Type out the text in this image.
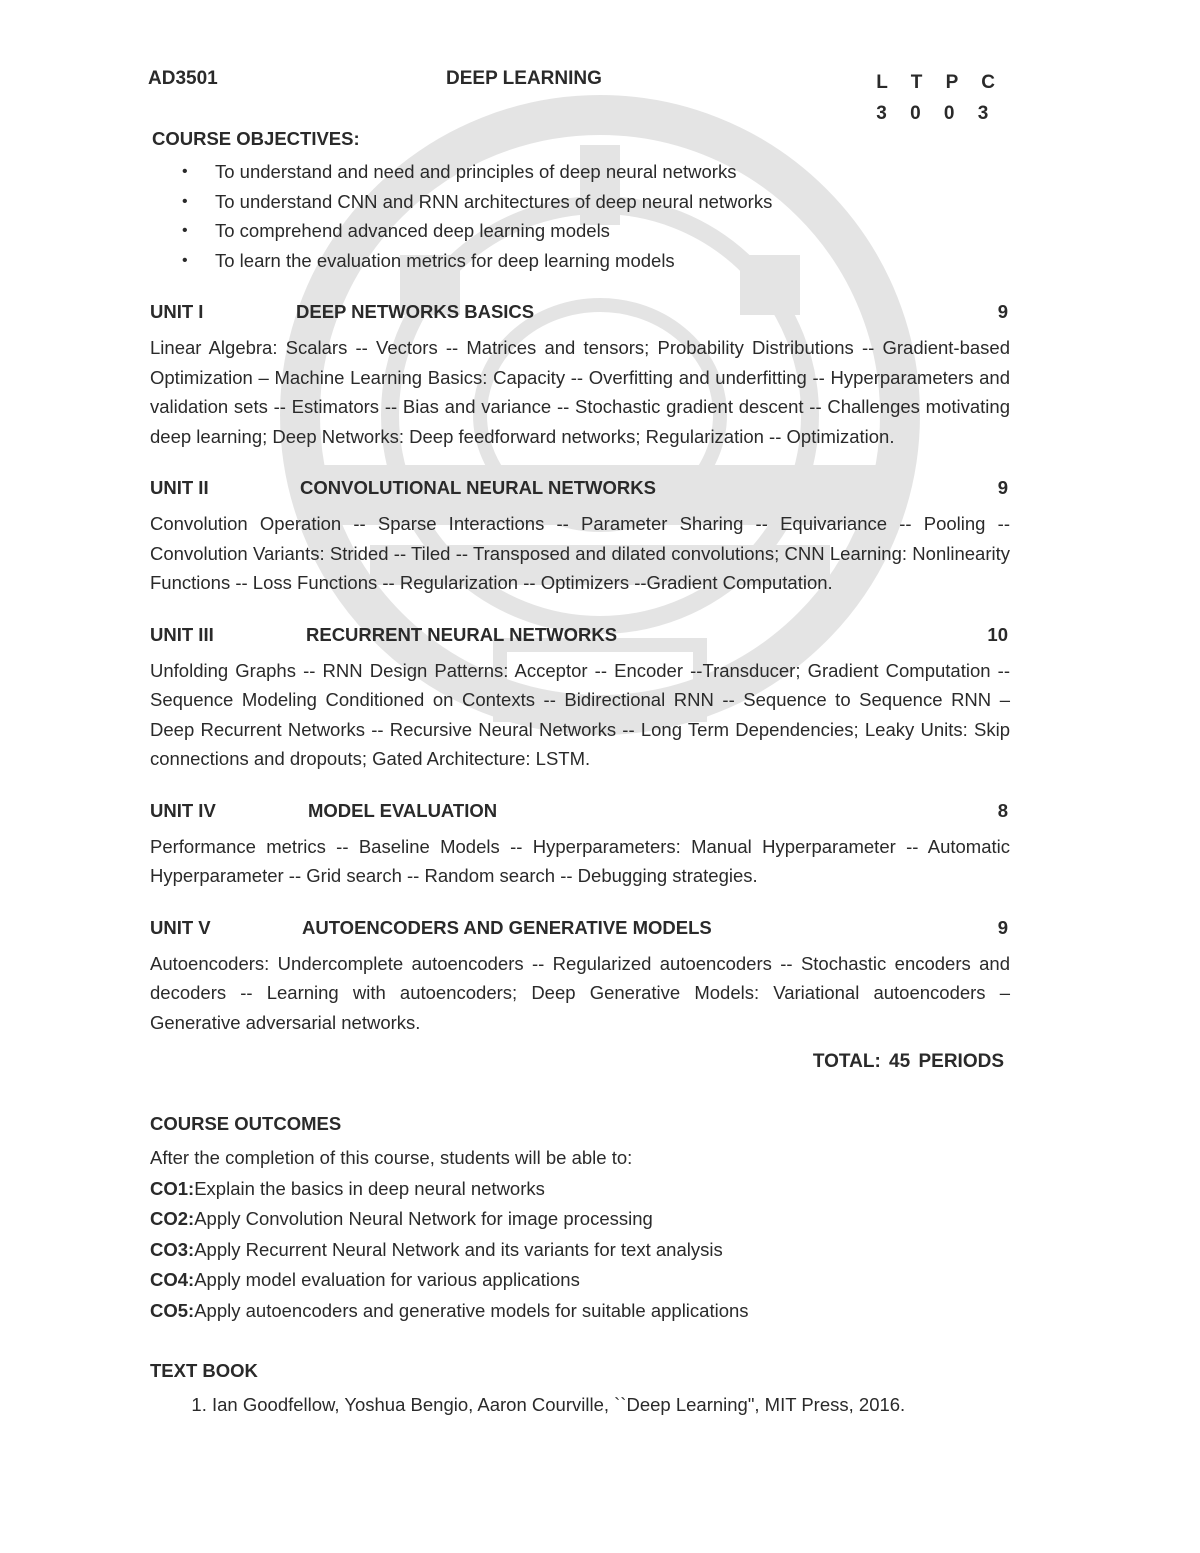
AD3501	DEEP LEARNING	L T P C
3 0 0 3
COURSE OBJECTIVES:
• To understand and need and principles of deep neural networks
• To understand CNN and RNN architectures of deep neural networks
• To comprehend advanced deep learning models
• To learn the evaluation metrics for deep learning models
UNIT I	DEEP NETWORKS BASICS	9

Linear Algebra: Scalars -- Vectors -- Matrices and tensors; Probability Distributions -- Gradient-based Optimization – Machine Learning Basics: Capacity -- Overfitting and underfitting -- Hyperparameters and validation sets -- Estimators -- Bias and variance -- Stochastic gradient descent -- Challenges motivating deep learning; Deep Networks: Deep feedforward networks; Regularization -- Optimization.

UNIT II	CONVOLUTIONAL NEURAL NETWORKS	9

Convolution Operation -- Sparse Interactions -- Parameter Sharing -- Equivariance -- Pooling -- Convolution Variants: Strided -- Tiled -- Transposed and dilated convolutions; CNN Learning: Nonlinearity Functions -- Loss Functions -- Regularization -- Optimizers --Gradient Computation.

UNIT III	RECURRENT NEURAL NETWORKS	10

Unfolding Graphs -- RNN Design Patterns: Acceptor -- Encoder --Transducer; Gradient Computation -- Sequence Modeling Conditioned on Contexts -- Bidirectional RNN -- Sequence to Sequence RNN – Deep Recurrent Networks -- Recursive Neural Networks -- Long Term Dependencies; Leaky Units: Skip connections and dropouts; Gated Architecture: LSTM.

UNIT IV	MODEL EVALUATION	8

Performance metrics -- Baseline Models -- Hyperparameters: Manual Hyperparameter -- Automatic Hyperparameter -- Grid search -- Random search -- Debugging strategies.

UNIT V	AUTOENCODERS AND GENERATIVE MODELS	9

Autoencoders: Undercomplete autoencoders -- Regularized autoencoders -- Stochastic encoders and decoders -- Learning with autoencoders; Deep Generative Models: Variational autoencoders – Generative adversarial networks.

TOTAL: 45 PERIODS
COURSE OUTCOMES
After the completion of this course, students will be able to:
CO1:Explain the basics in deep neural networks
CO2:Apply Convolution Neural Network for image processing
CO3:Apply Recurrent Neural Network and its variants for text analysis
CO4:Apply model evaluation for various applications
CO5:Apply autoencoders and generative models for suitable applications
TEXT BOOK
1. Ian Goodfellow, Yoshua Bengio, Aaron Courville, ``Deep Learning", MIT Press, 2016.
